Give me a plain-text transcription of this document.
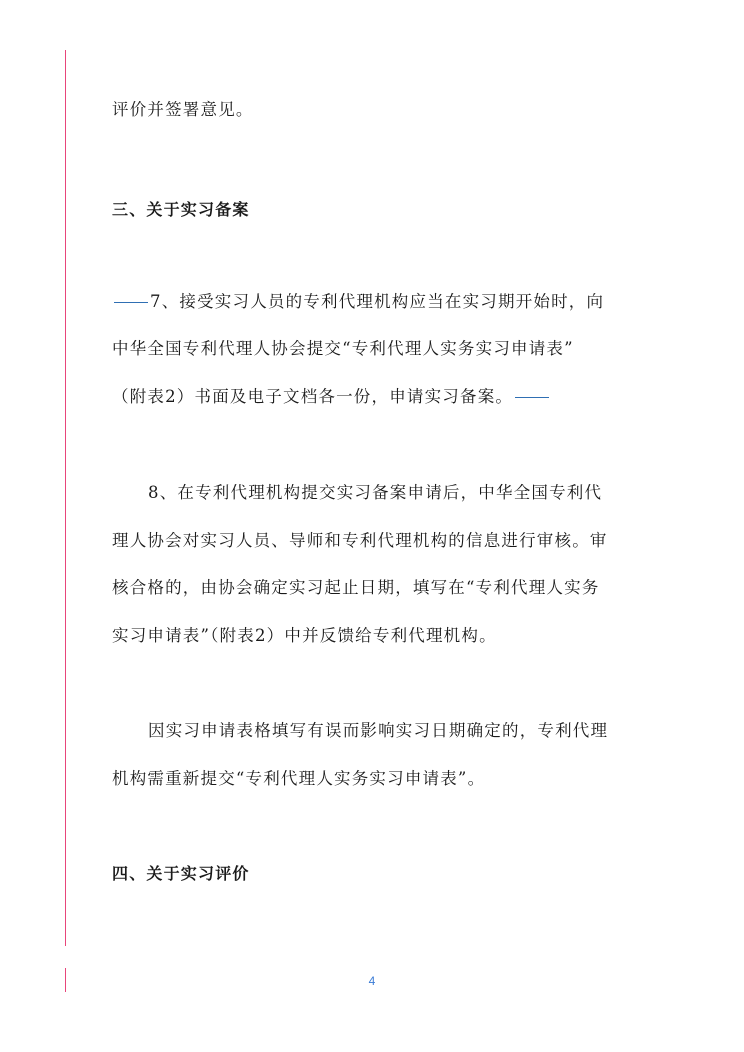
评价并签署意见。
三、关于实习备案
7、接受实习人员的专利代理机构应当在实习期开始时，向
中华全国专利代理人协会提交“专利代理人实务实习申请表”
（附表2）书面及电子文档各一份，申请实习备案。
8、在专利代理机构提交实习备案申请后，中华全国专利代
理人协会对实习人员、导师和专利代理机构的信息进行审核。审
核合格的，由协会确定实习起止日期，填写在“专利代理人实务
实习申请表”（附表2）中并反馈给专利代理机构。
因实习申请表格填写有误而影响实习日期确定的，专利代理
机构需重新提交“专利代理人实务实习申请表”。
四、关于实习评价
4
